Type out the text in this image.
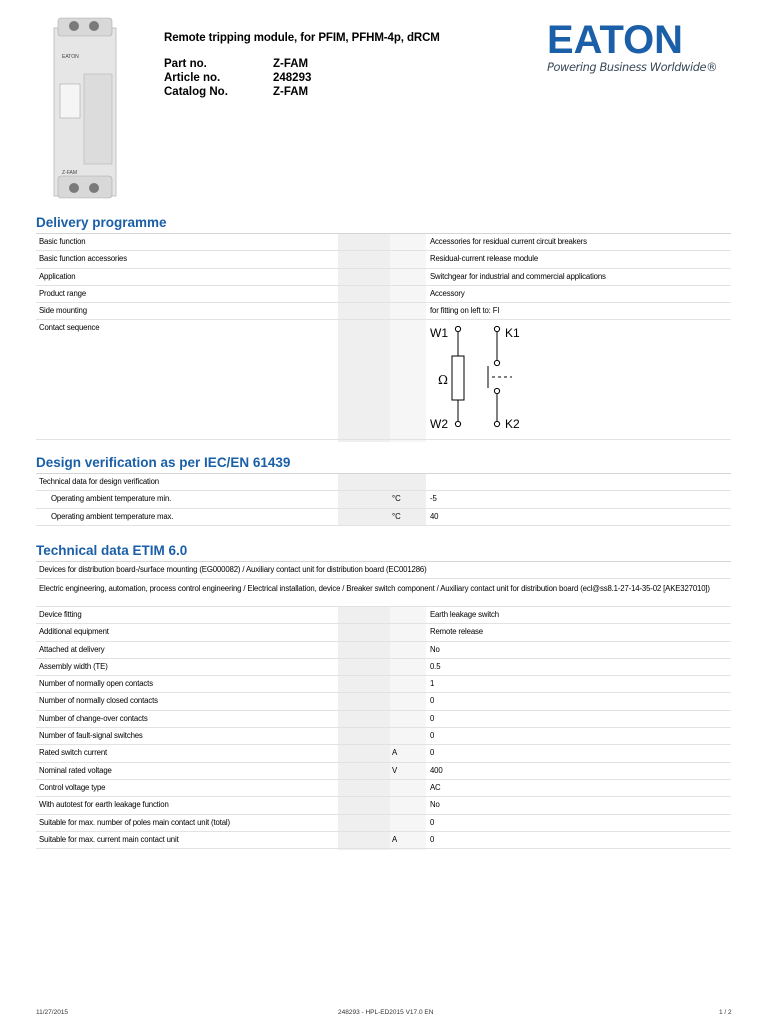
EATON
Z-FAM
Remote tripping module, for PFIM, PFHM-4p, dRCM
Part no.	Z-FAM
Article no.	248293
Catalog No.	Z-FAM
EATON
Powering Business Worldwide®
Delivery programme
Basic function	Accessories for residual current circuit breakers
Basic function accessories	Residual-current release module
Application	Switchgear for industrial and commercial applications
Product range	Accessory
Side mounting	for fitting on left to: FI
Contact sequence	W1	K1
W2	K2
Ω
Design verification as per IEC/EN 61439
Technical data for design verification
Operating ambient temperature min.	°C	-5
Operating ambient temperature max.	°C	40
Technical data ETIM 6.0
Devices for distribution board-/surface mounting (EG000082) / Auxiliary contact unit for distribution board (EC001286)
Electric engineering, automation, process control engineering / Electrical installation, device / Breaker switch component / Auxiliary contact unit for distribution board (ecl@ss8.1-27-14-35-02 [AKE327010])
Device fitting	Earth leakage switch
Additional equipment	Remote release
Attached at delivery	No
Assembly width (TE)	0.5
Number of normally open contacts	1
Number of normally closed contacts	0
Number of change-over contacts	0
Number of fault-signal switches	0
Rated switch current	A	0
Nominal rated voltage	V	400
Control voltage type	AC
With autotest for earth leakage function	No
Suitable for max. number of poles main contact unit (total)	0
Suitable for max. current main contact unit	A	0
11/27/2015	248293 - HPL-ED2015 V17.0 EN	1 / 2
